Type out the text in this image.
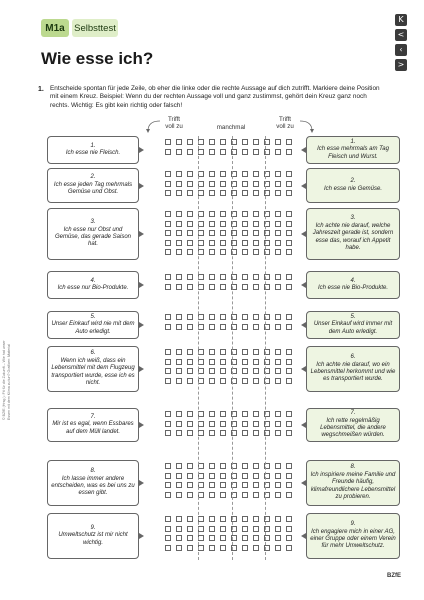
M1a Selbsttest
Wie esse ich?
K
<
‹
>
1. Entscheide spontan für jede Zeile, ob eher die linke oder die rechte Aussage auf dich zutrifft. Markiere deine Position mit einem Kreuz. Beispiel: Wenn du der rechten Aussage voll und ganz zustimmst, gehört dein Kreuz ganz noch rechts. Wichtig: Es gibt kein richtig oder falsch!
Trifft
voll zu	manchmal
Trifft
voll zu
1.
Ich esse nie Fleisch.
1.
Ich esse mehrmals am Tag Fleisch und Wurst.
2.
Ich esse jeden Tag mehrmals Gemüse und Obst.
2.
Ich esse nie Gemüse.
3.
Ich esse nur Obst und Gemüse, das gerade Saison hat.
3.
Ich achte nie darauf, welche Jahreszeit gerade ist, sondern esse das, worauf ich Appetit habe.
4.
Ich esse nur Bio-Produkte.
4.
Ich esse nie Bio-Produkte.
5.
Unser Einkauf wird nie mit dem Auto erledigt.
5.
Unser Einkauf wird immer mit dem Auto erledigt.
6.
Wenn ich weiß, dass ein Lebensmittel mit dem Flugzeug transportiert wurde, esse ich es nicht.
6.
Ich achte nie darauf, wo ein Lebensmittel herkommt und wie es transportiert wurde.
7.
Mir ist es egal, wenn Essbares auf dem Müll landet.
7.
Ich rette regelmäßig Lebensmittel, die andere wegschmeißen würden.
8.
Ich lasse immer andere entscheiden, was es bei uns zu essen gibt.
8.
Ich inspiriere meine Familie und Freunde häufig, klimafreundlichere Lebensmittel zu probieren.
9.
Umweltschutz ist mir nicht wichtig.
9.
Ich engagiere mich in einer AG, einer Gruppe oder einem Verein für mehr Umweltschutz.
© BZfE (Hrsg.): Fit für die Zukunft – Wie hat unser Essen mit dem Klima zu tun? Grafiken: Material
BZfE
